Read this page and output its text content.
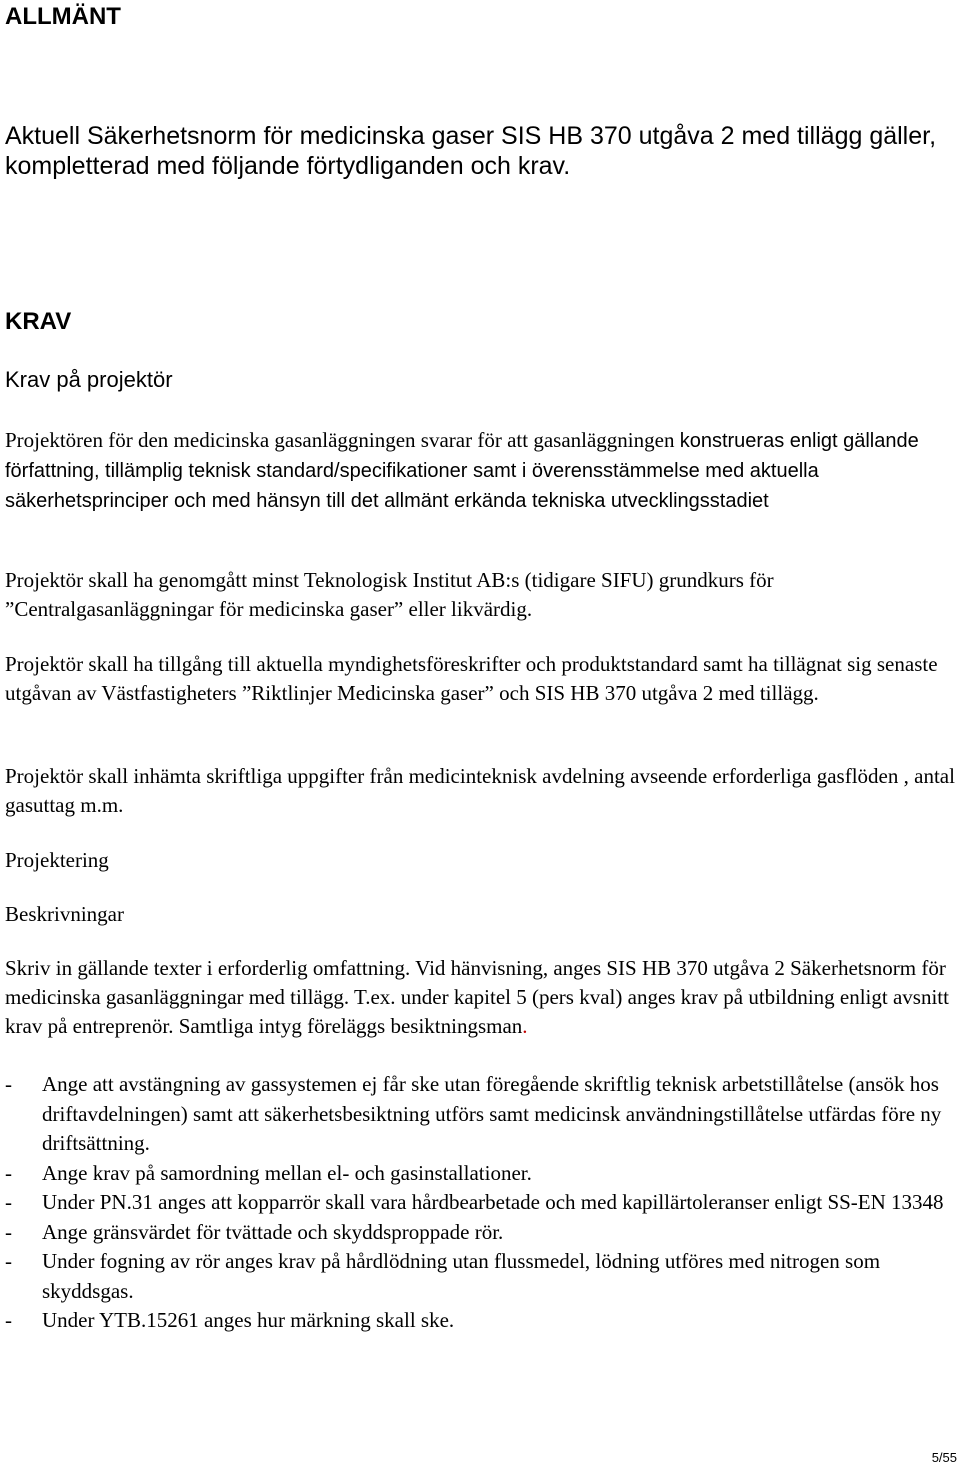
ALLMÄNT
Aktuell Säkerhetsnorm för medicinska gaser SIS HB 370 utgåva 2 med tillägg gäller, kompletterad med följande förtydliganden och krav.
KRAV
Krav på projektör

Projektören för den medicinska gasanläggningen svarar för att gasanläggningen konstrueras enligt gällande författning, tillämplig teknisk standard/specifikationer samt i överensstämmelse med aktuella säkerhetsprinciper och med hänsyn till det allmänt erkända tekniska utvecklingsstadiet

Projektör skall ha genomgått minst Teknologisk Institut AB:s (tidigare SIFU) grundkurs för ”Centralgasanläggningar för medicinska gaser” eller likvärdig.

Projektör skall ha tillgång till aktuella myndighetsföreskrifter och produktstandard samt ha tillägnat sig senaste utgåvan av Västfastigheters ”Riktlinjer Medicinska gaser” och SIS HB 370 utgåva 2 med tillägg.

Projektör skall inhämta skriftliga uppgifter från medicinteknisk avdelning avseende erforderliga gasflöden , antal gasuttag m.m.

Projektering
Beskrivningar

Skriv in gällande texter i erforderlig omfattning. Vid hänvisning, anges SIS HB 370 utgåva 2 Säkerhetsnorm för medicinska gasanläggningar med tillägg. T.ex. under kapitel 5 (pers kval) anges krav på utbildning enligt avsnitt krav på entreprenör. Samtliga intyg föreläggs besiktningsman.

- Ange att avstängning av gassystemen ej får ske utan föregående skriftlig teknisk arbetstillåtelse (ansök hos driftavdelningen) samt att säkerhetsbesiktning utförs samt medicinsk användningstillåtelse utfärdas före ny driftsättning.
- Ange krav på samordning mellan el- och gasinstallationer.
- Under PN.31 anges att kopparrör skall vara hårdbearbetade och med kapillärtoleranser enligt SS-EN 13348
- Ange gränsvärdet för tvättade och skyddsproppade rör.
- Under fogning av rör anges krav på hårdlödning utan flussmedel, lödning utföres med nitrogen som skyddsgas.
- Under YTB.15261 anges hur märkning skall ske.
5/55
